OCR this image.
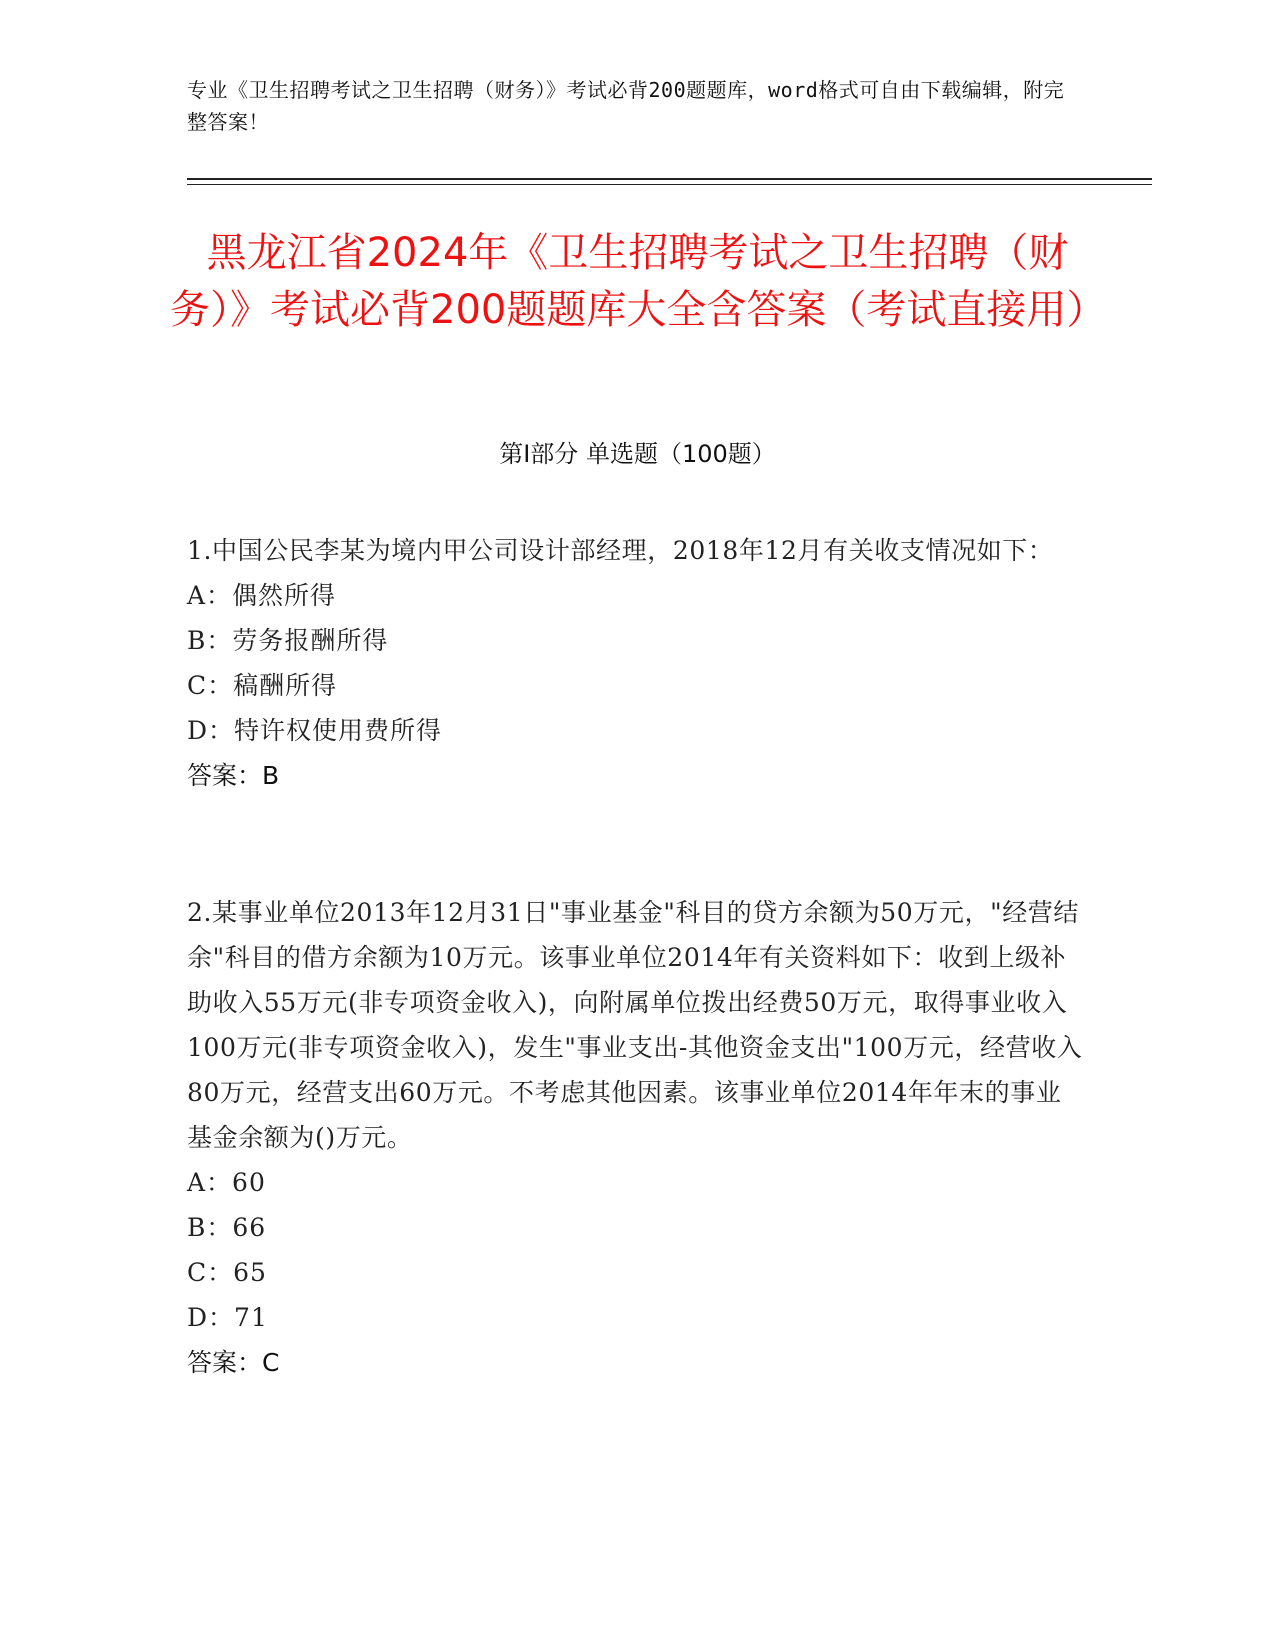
专业《卫生招聘考试之卫生招聘（财务）》考试必背200题题库，word格式可自由下载编辑，附完整答案！
黑龙江省2024年《卫生招聘考试之卫生招聘（财务）》考试必背200题题库大全含答案（考试直接用）
第Ⅰ部分 单选题（100题）

1.中国公民李某为境内甲公司设计部经理，2018年12月有关收支情况如下：

A：偶然所得

B：劳务报酬所得

C：稿酬所得

D：特许权使用费所得

答案：B

2.某事业单位2013年12月31日"事业基金"科目的贷方余额为50万元，"经营结余"科目的借方余额为10万元。该事业单位2014年有关资料如下：收到上级补助收入55万元(非专项资金收入)，向附属单位拨出经费50万元，取得事业收入100万元(非专项资金收入)，发生"事业支出-其他资金支出"100万元，经营收入80万元，经营支出60万元。不考虑其他因素。该事业单位2014年年末的事业基金余额为()万元。

A：60

B：66

C：65

D：71

答案：C
